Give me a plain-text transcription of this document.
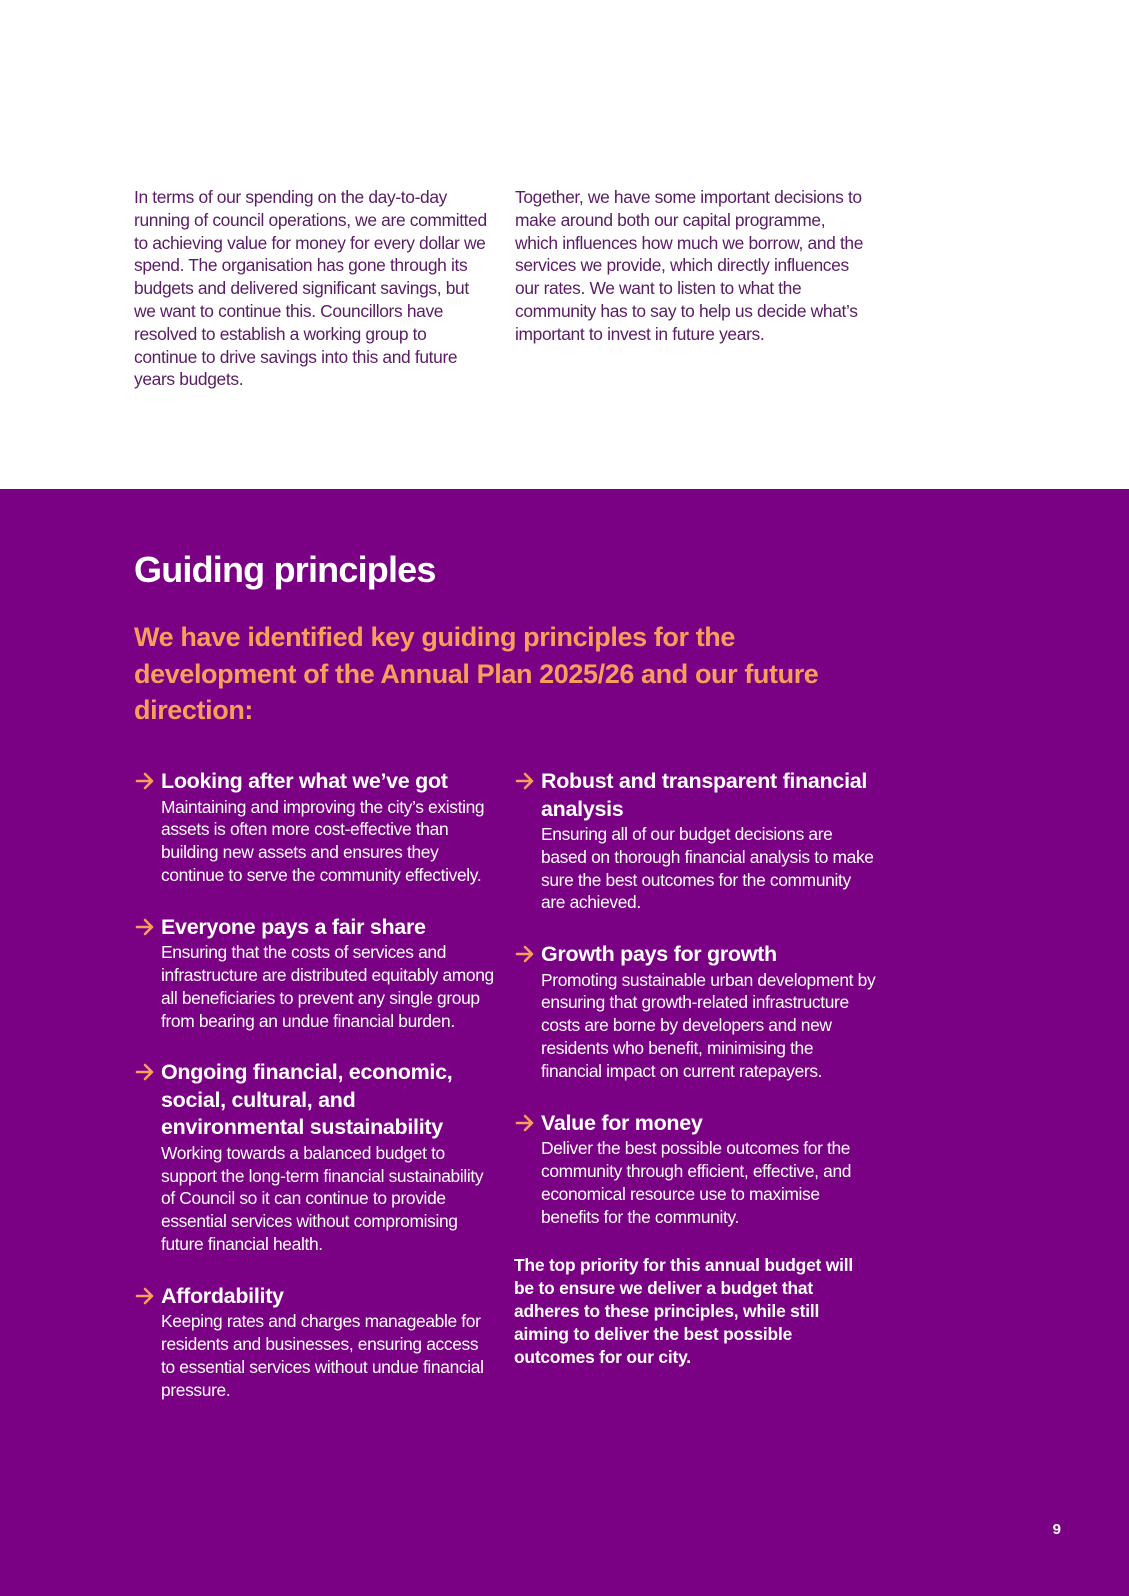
In terms of our spending on the day-to-day running of council operations, we are committed to achieving value for money for every dollar we spend. The organisation has gone through its budgets and delivered significant savings, but we want to continue this. Councillors have resolved to establish a working group to continue to drive savings into this and future years budgets.

Together, we have some important decisions to make around both our capital programme, which influences how much we borrow, and the services we provide, which directly influences our rates. We want to listen to what the community has to say to help us decide what’s important to invest in future years.

Guiding principles

We have identified key guiding principles for the development of the Annual Plan 2025/26 and our future direction:

Looking after what we’ve got

Maintaining and improving the city’s existing assets is often more cost-effective than building new assets and ensures they continue to serve the community effectively.

Everyone pays a fair share

Ensuring that the costs of services and infrastructure are distributed equitably among all beneficiaries to prevent any single group from bearing an undue financial burden.

Ongoing financial, economic, social, cultural, and environmental sustainability

Working towards a balanced budget to support the long-term financial sustainability of Council so it can continue to provide essential services without compromising future financial health.

Affordability

Keeping rates and charges manageable for residents and businesses, ensuring access to essential services without undue financial pressure.

Robust and transparent financial analysis

Ensuring all of our budget decisions are based on thorough financial analysis to make sure the best outcomes for the community are achieved.

Growth pays for growth

Promoting sustainable urban development by ensuring that growth-related infrastructure costs are borne by developers and new residents who benefit, minimising the financial impact on current ratepayers.

Value for money

Deliver the best possible outcomes for the community through efficient, effective, and economical resource use to maximise benefits for the community.

The top priority for this annual budget will be to ensure we deliver a budget that adheres to these principles, while still aiming to deliver the best possible outcomes for our city.

9
